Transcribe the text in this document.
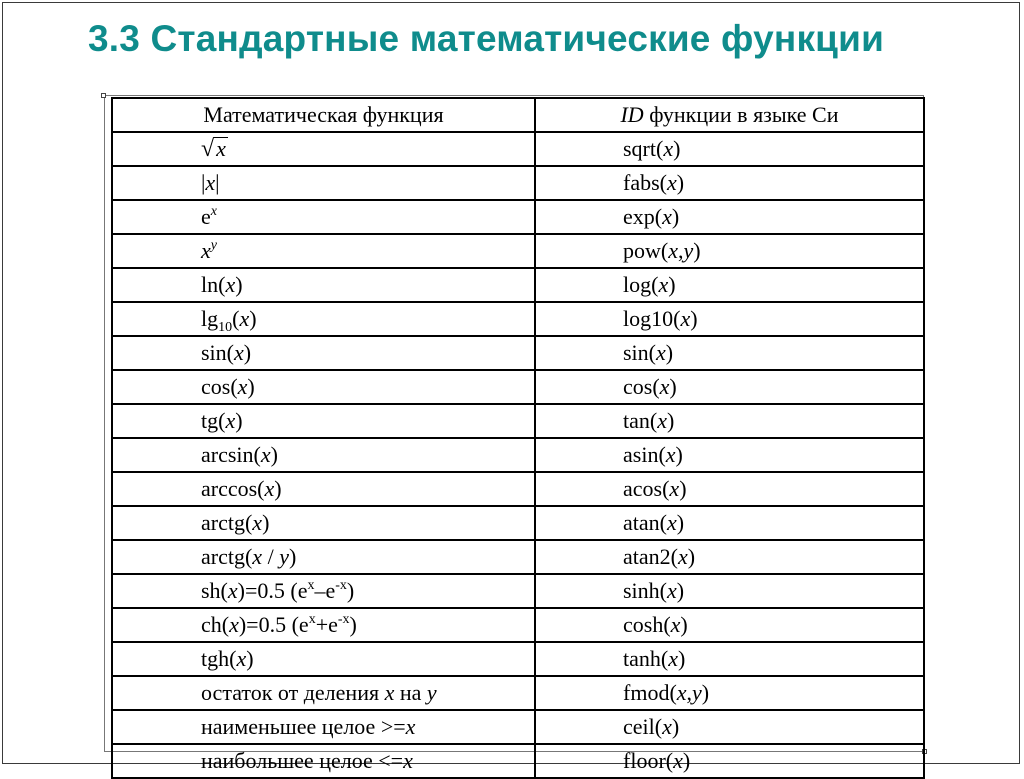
3.3 Стандартные математические функции
Математическая функция	ID функции в языке Си
√x	sqrt(x)
|x|	fabs(x)
$e^x$	exp(x)
$x^y$	pow(x,y)
ln(x)	log(x)
$\lg_{10}(x)$	log10(x)
sin(x)	sin(x)
cos(x)	cos(x)
tg(x)	tan(x)
arcsin(x)	asin(x)
arccos(x)	acos(x)
arctg(x)	atan(x)
arctg(x / y)	atan2(x)
sh(x)=0.5 $(e^x-e^{-x})$	sinh(x)
ch(x)=0.5 $(e^x+e^{-x})$	cosh(x)
tgh(x)	tanh(x)
остаток от деления x на y	fmod(x,y)
наименьшее целое >=x	ceil(x)
наибольшее целое <=x	floor(x)
